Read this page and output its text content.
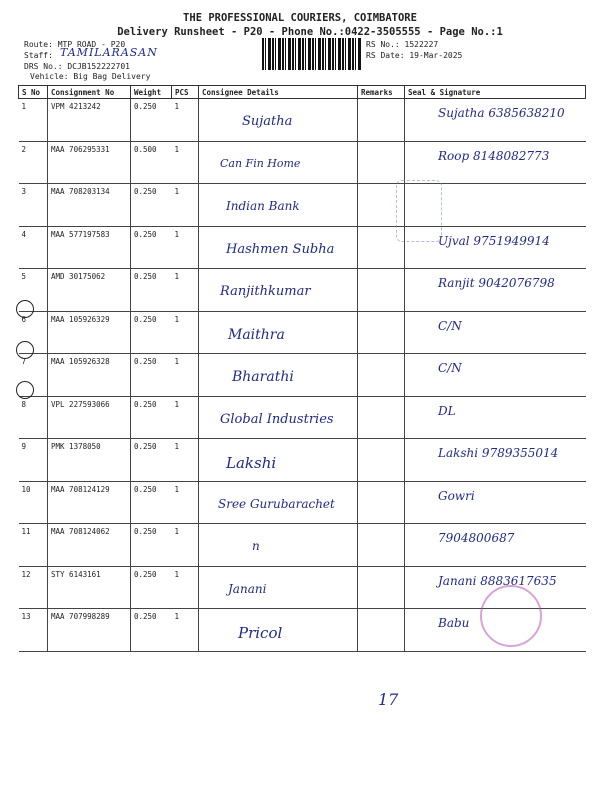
THE PROFESSIONAL COURIERS, COIMBATORE
Delivery Runsheet - P20 - Phone No.:0422-3505555 - Page No.:1
Route: MTP ROAD - P20
Staff: TAMILARASAN
DRS No.: DCJB152222701
Vehicle: Big Bag Delivery
RS No.: 1522227
RS Date: 19-Mar-2025
S No	Consignment No	Weight	PCS	Consignee Details	Remarks	Seal & Signature
1	VPM 4213242	0.250	1	Sujatha		Sujatha 6385638210
2	MAA 706295331	0.500	1	Can Fin Home		Roop 8148082773
3	MAA 708203134	0.250	1	Indian Bank		
4	MAA 577197583	0.250	1	Hashmen Subha		Ujval 9751949914
5	AMD 30175062	0.250	1	Ranjithkumar		Ranjit 9042076798
6	MAA 105926329	0.250	1	Maithra		C/N
7	MAA 105926328	0.250	1	Bharathi		C/N
8	VPL 227593066	0.250	1	Global Industries		DL
9	PMK 1378050	0.250	1	Lakshi		Lakshi 9789355014
10	MAA 708124129	0.250	1	Sree Gurubarachet		Gowri
11	MAA 708124062	0.250	1	n		7904800687
12	STY 6143161	0.250	1	Janani		Janani 8883617635
13	MAA 707998289	0.250	1	Pricol		Babu
17
